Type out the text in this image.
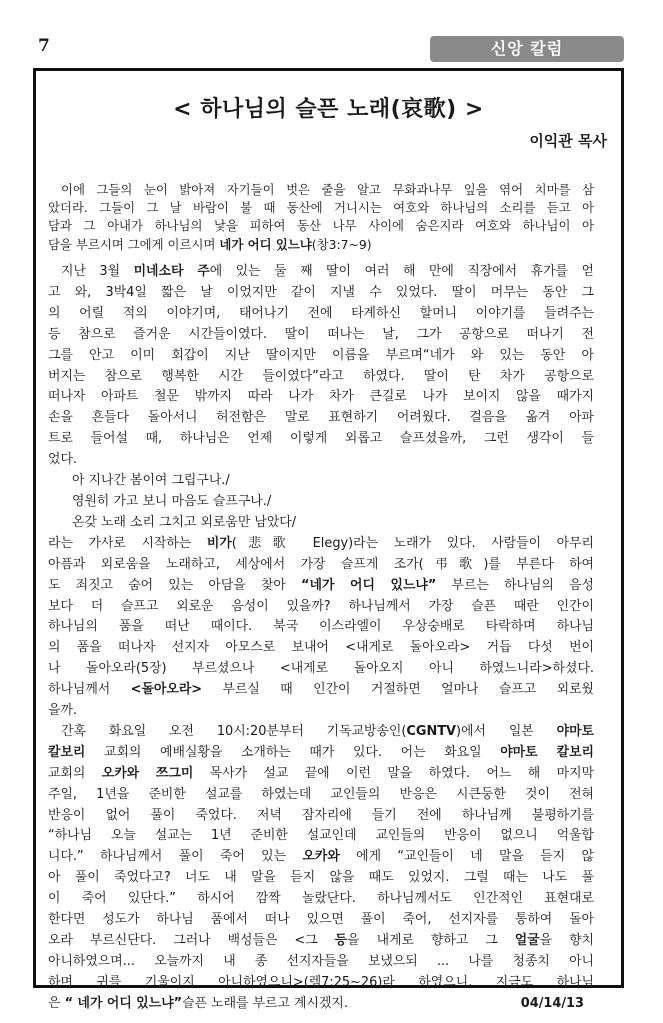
7	신앙 칼럼
< 하나님의 슬픈 노래(哀歌) >
이익관 목사
이에 그들의 눈이 밝아져 자기들이 벗은 줄을 알고 무화과나무 잎을 엮어 치마를 삼
았더라. 그들이 그 날 바람이 불 때 동산에 거니시는 여호와 하나님의 소리를 듣고 아
담과 그 아내가 하나님의 낯을 피하여 동산 나무 사이에 숨은지라 여호와 하나님이 아
담을 부르시며 그에게 이르시며 네가 어디 있느냐(창3:7~9)
지난 3월 미네소타 주에 있는 둘 째 딸이 여러 해 만에 직장에서 휴가를 얻
고 와, 3박4일 짧은 날 이었지만 같이 지낼 수 있었다. 딸이 머무는 동안 그
의 어릴 적의 이야기며, 태어나기 전에 타계하신 할머니 이야기를 들려주는
등 참으로 즐거운 시간들이였다. 딸이 떠나는 날, 그가 공항으로 떠나기 전
그를 안고 이미 회갑이 지난 딸이지만 이름을 부르며“네가 와 있는 동안 아
버지는 참으로 행복한 시간 들이였다”라고 하였다. 딸이 탄 차가 공항으로
떠나자 아파트 철문 밖까지 따라 나가 차가 큰길로 나가 보이지 않을 때가지
손을 흔들다 돌아서니 허전함은 말로 표현하기 어려웠다. 걸음을 옮겨 아파
트로 들어설 때, 하나님은 언제 이렇게 외롭고 슬프셨을까, 그런 생각이 들
었다.
아 지나간 봄이여 그립구나./
영원히 가고 보니 마음도 슬프구나./
온갖 노래 소리 그치고 외로움만 남았다/
라는 가사로 시작하는 비가(悲歌 Elegy)라는 노래가 있다. 사람들이 아무리
아픔과 외로움을 노래하고, 세상에서 가장 슬프게 조가(弔歌)를 부른다 하여
도 죄짓고 숨어 있는 아담을 찾아 “네가 어디 있느냐” 부르는 하나님의 음성
보다 더 슬프고 외로운 음성이 있을까? 하나님께서 가장 슬픈 때란 인간이
하나님의 품을 떠난 때이다. 북국 이스라엘이 우상숭배로 타락하며 하나님
의 품을 떠나자 선지자 아모스로 보내어 <내게로 돌아오라> 거듭 다섯 번이
나 돌아오라(5장) 부르셨으나 <내게로 돌아오지 아니 하였느니라>하셨다.
하나님께서 <돌아오라> 부르실 때 인간이 거절하면 얼마나 슬프고 외로웠
을까.
간혹 화요일 오전 10시:20분부터 기독교방송인(CGNTV)에서 일본 야마토
칼보리 교회의 예배실황을 소개하는 때가 있다. 어는 화요일 야마토 칼보리
교회의 오카와 쯔그미 목사가 설교 끝에 이런 말을 하였다. 어느 해 마지막
주일, 1년을 준비한 설교를 하였는데 교인들의 반응은 시큰둥한 것이 전혀
반응이 없어 풀이 죽었다. 저녁 잠자리에 들기 전에 하나님께 불평하기를
“하나님 오늘 설교는 1년 준비한 설교인데 교인들의 반응이 없으니 억울합
니다.” 하나님께서 풀이 죽어 있는 오카와 에게 “교인들이 네 말을 듣지 않
아 풀이 죽었다고? 너도 내 말을 듣지 않을 때도 있었지. 그럴 때는 나도 풀
이 죽어 있단다.” 하시어 깜짝 놀랐단다. 하나님께서도 인간적인 표현대로
한다면 성도가 하나님 품에서 떠나 있으면 풀이 죽어, 선지자를 통하여 돌아
오라 부르신단다. 그러나 백성들은 <그 등을 내게로 향하고 그 얼굴을 향치
아니하였으며... 오늘까지 내 종 선지자들을 보냈으되 ... 나를 청종치 아니
하며 귀를 기울이지 아니하였으니>(렘7:25~26)라 하였으니. 지금도 하나님
은 “ 네가 어디 있느냐”슬픈 노래를 부르고 계시겠지.	04/14/13
